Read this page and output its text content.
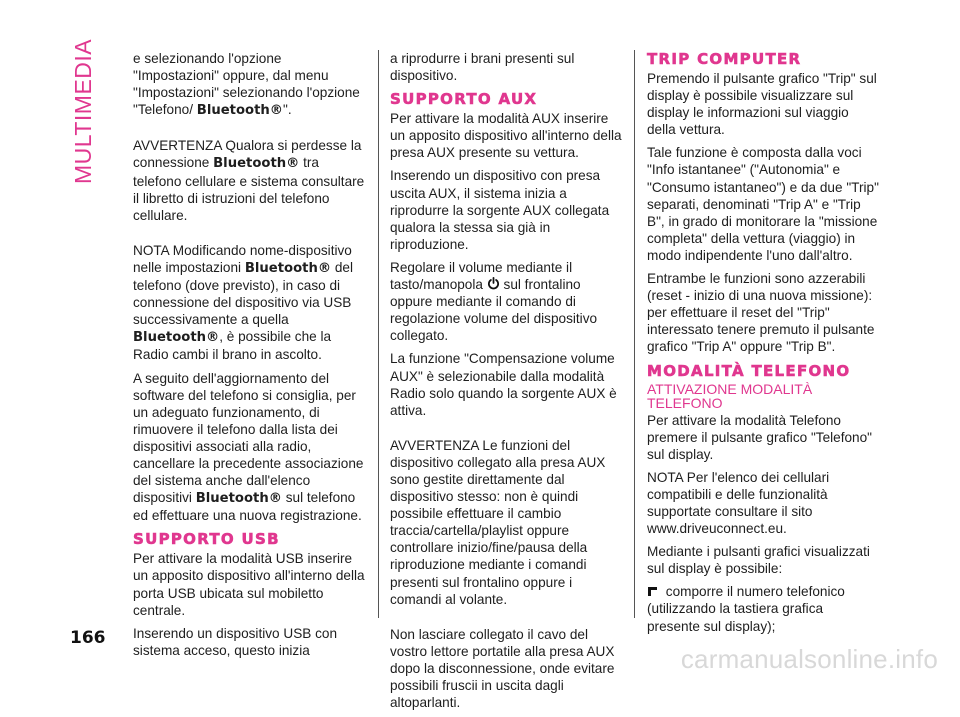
MULTIMEDIA
166

e selezionando l'opzione "Impostazioni" oppure, dal menu "Impostazioni" selezionando l'opzione "Telefono/ Bluetooth®".

AVVERTENZA Qualora si perdesse la connessione Bluetooth® tra telefono cellulare e sistema consultare il libretto di istruzioni del telefono cellulare.

NOTA Modificando nome-dispositivo nelle impostazioni Bluetooth® del telefono (dove previsto), in caso di connessione del dispositivo via USB successivamente a quella Bluetooth®, è possibile che la Radio cambi il brano in ascolto.

A seguito dell'aggiornamento del software del telefono si consiglia, per un adeguato funzionamento, di rimuovere il telefono dalla lista dei dispositivi associati alla radio, cancellare la precedente associazione del sistema anche dall'elenco dispositivi Bluetooth® sul telefono ed effettuare una nuova registrazione.

SUPPORTO USB

Per attivare la modalità USB inserire un apposito dispositivo all'interno della porta USB ubicata sul mobiletto centrale.

Inserendo un dispositivo USB con sistema acceso, questo inizia

a riprodurre i brani presenti sul dispositivo.

SUPPORTO AUX

Per attivare la modalità AUX inserire un apposito dispositivo all'interno della presa AUX presente su vettura.

Inserendo un dispositivo con presa uscita AUX, il sistema inizia a riprodurre la sorgente AUX collegata qualora la stessa sia già in riproduzione.

Regolare il volume mediante il tasto/manopola sul frontalino oppure mediante il comando di regolazione volume del dispositivo collegato.

La funzione "Compensazione volume AUX" è selezionabile dalla modalità Radio solo quando la sorgente AUX è attiva.

AVVERTENZA Le funzioni del dispositivo collegato alla presa AUX sono gestite direttamente dal dispositivo stesso: non è quindi possibile effettuare il cambio traccia/cartella/playlist oppure controllare inizio/fine/pausa della riproduzione mediante i comandi presenti sul frontalino oppure i comandi al volante.

Non lasciare collegato il cavo del vostro lettore portatile alla presa AUX dopo la disconnessione, onde evitare possibili fruscii in uscita dagli altoparlanti.

TRIP COMPUTER

Premendo il pulsante grafico "Trip" sul display è possibile visualizzare sul display le informazioni sul viaggio della vettura.

Tale funzione è composta dalla voci "Info istantanee" ("Autonomia" e "Consumo istantaneo") e da due "Trip" separati, denominati "Trip A" e "Trip B", in grado di monitorare la "missione completa" della vettura (viaggio) in modo indipendente l'uno dall'altro.

Entrambe le funzioni sono azzerabili (reset - inizio di una nuova missione): per effettuare il reset del "Trip" interessato tenere premuto il pulsante grafico "Trip A" oppure "Trip B".

MODALITÀ TELEFONO
ATTIVAZIONE MODALITÀ TELEFONO

Per attivare la modalità Telefono premere il pulsante grafico "Telefono" sul display.

NOTA Per l'elenco dei cellulari compatibili e delle funzionalità supportate consultare il sito www.driveuconnect.eu.

Mediante i pulsanti grafici visualizzati sul display è possibile:

comporre il numero telefonico (utilizzando la tastiera grafica presente sul display);

carmanualsonline.info
